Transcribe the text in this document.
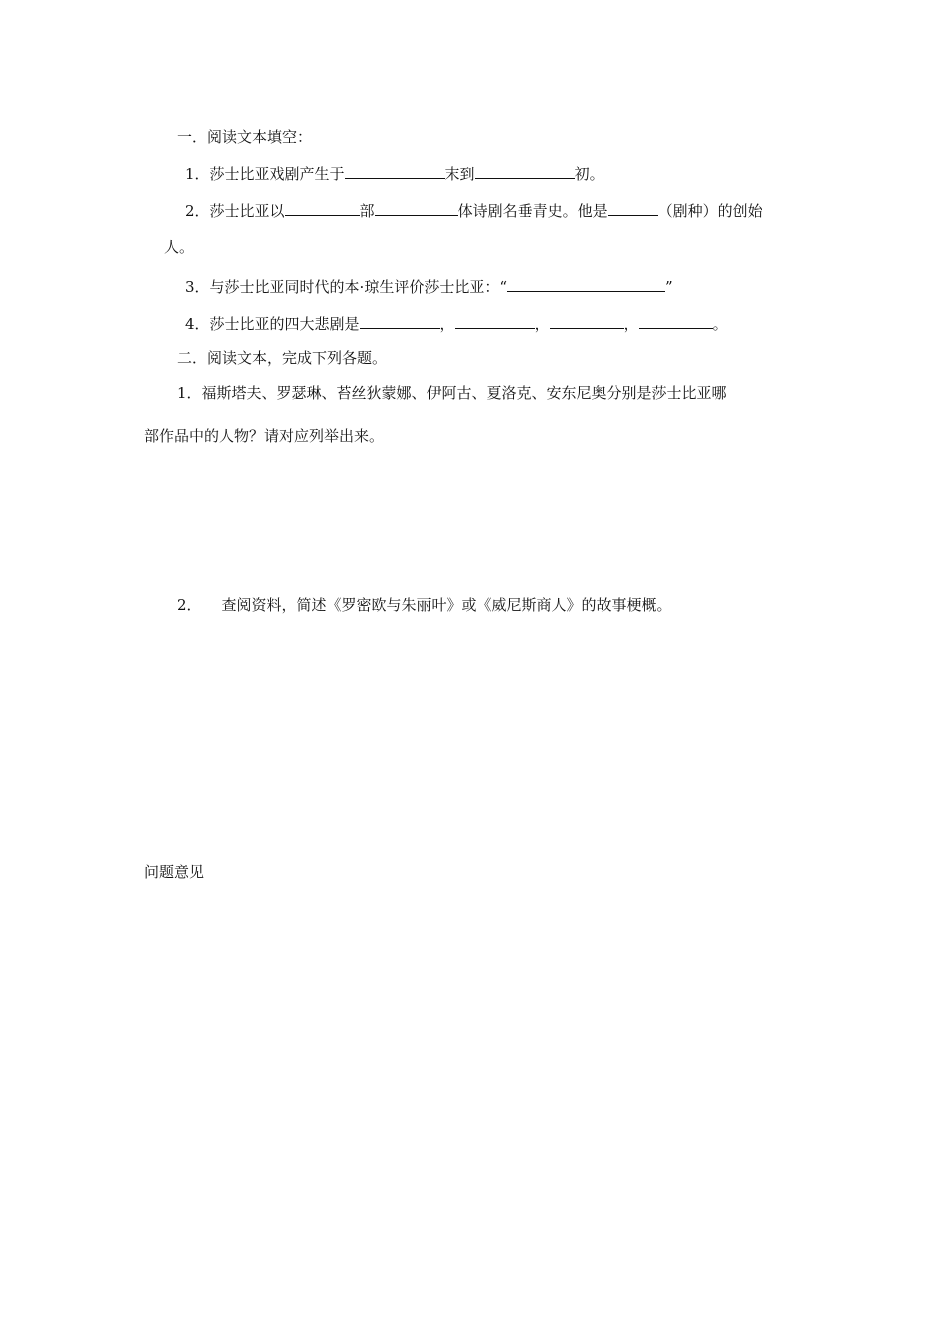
一．阅读文本填空：
1．莎士比亚戏剧产生于	末到	初。
2．莎士比亚以	部	体诗剧名垂青史。他是	（剧种）的创始
人。
3．与莎士比亚同时代的本·琼生评价莎士比亚：“	”
4．莎士比亚的四大悲剧是	，	，	，	。
二．阅读文本，完成下列各题。
1．福斯塔夫、罗瑟琳、苔丝狄蒙娜、伊阿古、夏洛克、安东尼奥分别是莎士比亚哪
部作品中的人物？请对应列举出来。
2． 查阅资料，简述《罗密欧与朱丽叶》或《威尼斯商人》的故事梗概。
问题意见
